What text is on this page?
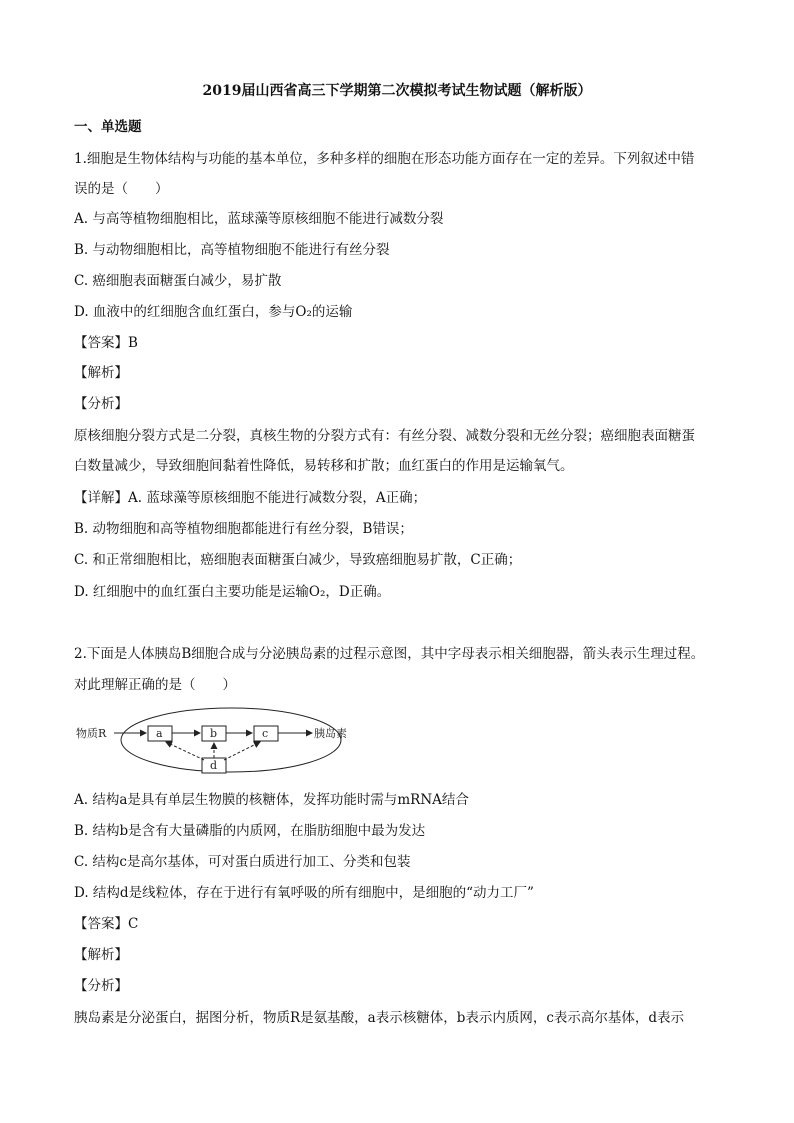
2019届山西省高三下学期第二次模拟考试生物试题（解析版）
一、单选题
1.细胞是生物体结构与功能的基本单位，多种多样的细胞在形态功能方面存在一定的差异。下列叙述中错
误的是（　　）
A. 与高等植物细胞相比，蓝球藻等原核细胞不能进行减数分裂
B. 与动物细胞相比，高等植物细胞不能进行有丝分裂
C. 癌细胞表面糖蛋白减少，易扩散
D. 血液中的红细胞含血红蛋白，参与O₂的运输
【答案】B
【解析】
【分析】
原核细胞分裂方式是二分裂，真核生物的分裂方式有：有丝分裂、减数分裂和无丝分裂；癌细胞表面糖蛋
白数量减少，导致细胞间黏着性降低，易转移和扩散；血红蛋白的作用是运输氧气。
【详解】A. 蓝球藻等原核细胞不能进行减数分裂，A正确；
B. 动物细胞和高等植物细胞都能进行有丝分裂，B错误；
C. 和正常细胞相比，癌细胞表面糖蛋白减少，导致癌细胞易扩散，C正确；
D. 红细胞中的血红蛋白主要功能是运输O₂，D正确。
2.下面是人体胰岛B细胞合成与分泌胰岛素的过程示意图，其中字母表示相关细胞器，箭头表示生理过程。
对此理解正确的是（　　）
物质R	胰岛素
a	b	c
d
A. 结构a是具有单层生物膜的核糖体，发挥功能时需与mRNA结合
B. 结构b是含有大量磷脂的内质网，在脂肪细胞中最为发达
C. 结构c是高尔基体，可对蛋白质进行加工、分类和包装
D. 结构d是线粒体，存在于进行有氧呼吸的所有细胞中，是细胞的“动力工厂”
【答案】C
【解析】
【分析】
胰岛素是分泌蛋白，据图分析，物质R是氨基酸，a表示核糖体，b表示内质网，c表示高尔基体，d表示
